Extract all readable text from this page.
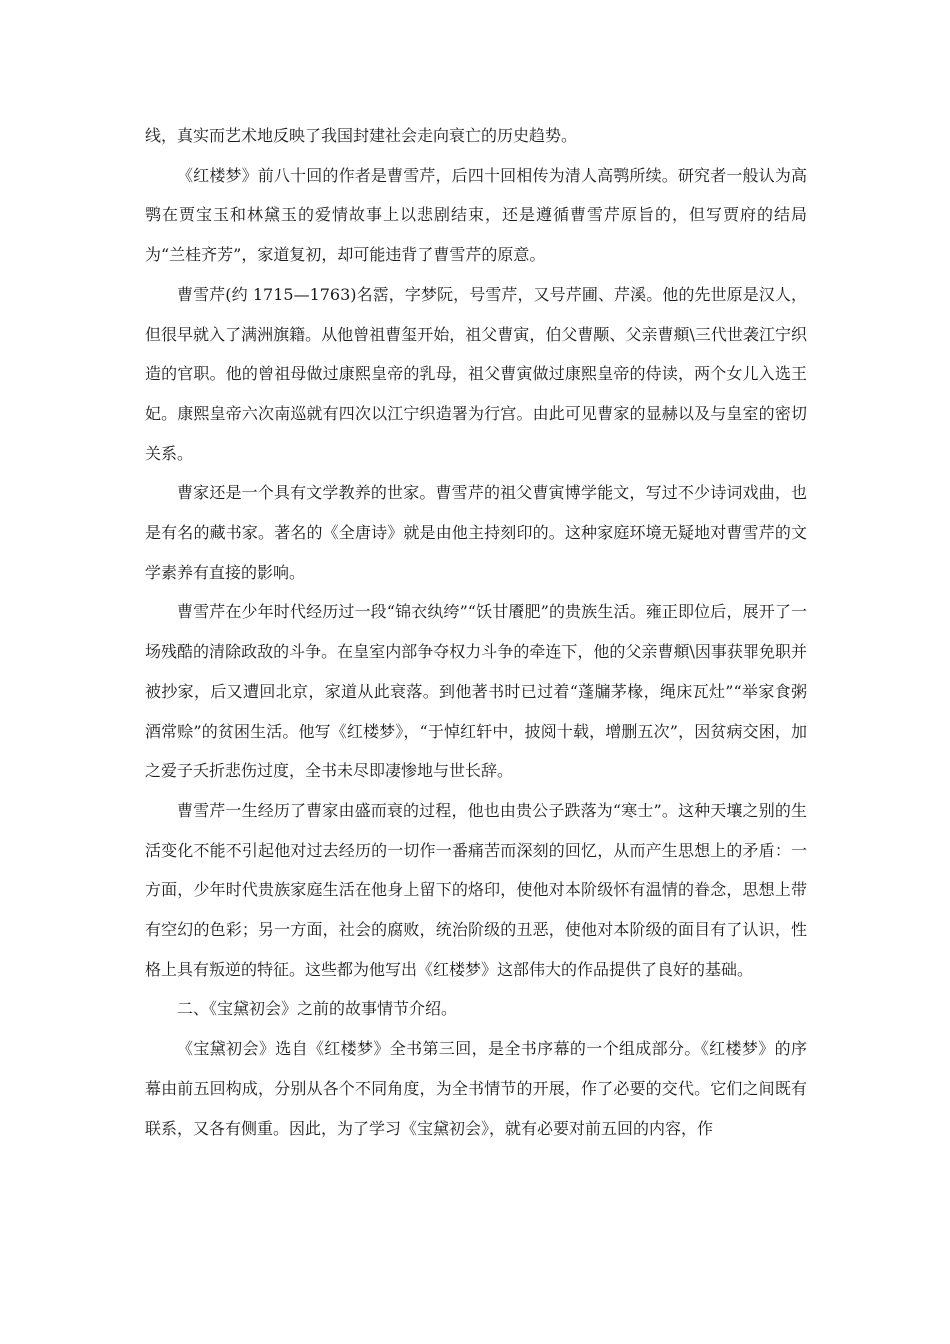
线，真实而艺术地反映了我国封建社会走向衰亡的历史趋势。

《红楼梦》前八十回的作者是曹雪芹，后四十回相传为清人高鹗所续。研究者一般认为高鹗在贾宝玉和林黛玉的爱情故事上以悲剧结束，还是遵循曹雪芹原旨的，但写贾府的结局为“兰桂齐芳”，家道复初，却可能违背了曹雪芹的原意。

曹雪芹(约 1715—1763)名霑，字梦阮，号雪芹，又号芹圃、芹溪。他的先世原是汉人，但很早就入了满洲旗籍。从他曾祖曹玺开始，祖父曹寅，伯父曹颙、父亲曹頫\三代世袭江宁织造的官职。他的曾祖母做过康熙皇帝的乳母，祖父曹寅做过康熙皇帝的侍读，两个女儿入选王妃。康熙皇帝六次南巡就有四次以江宁织造署为行宫。由此可见曹家的显赫以及与皇室的密切关系。

曹家还是一个具有文学教养的世家。曹雪芹的祖父曹寅博学能文，写过不少诗词戏曲，也是有名的藏书家。著名的《全唐诗》就是由他主持刻印的。这种家庭环境无疑地对曹雪芹的文学素养有直接的影响。

曹雪芹在少年时代经历过一段“锦衣纨绔”“饫甘餍肥”的贵族生活。雍正即位后，展开了一场残酷的清除政敌的斗争。在皇室内部争夺权力斗争的牵连下，他的父亲曹頫\因事获罪免职并被抄家，后又遭回北京，家道从此衰落。到他著书时已过着“蓬牖茅椽，绳床瓦灶”“举家食粥酒常赊”的贫困生活。他写《红楼梦》，“于悼红轩中，披阅十载，增删五次”，因贫病交困，加之爱子夭折悲伤过度，全书未尽即凄惨地与世长辞。

曹雪芹一生经历了曹家由盛而衰的过程，他也由贵公子跌落为“寒士”。这种天壤之别的生活变化不能不引起他对过去经历的一切作一番痛苦而深刻的回忆，从而产生思想上的矛盾：一方面，少年时代贵族家庭生活在他身上留下的烙印，使他对本阶级怀有温情的眷念，思想上带有空幻的色彩；另一方面，社会的腐败，统治阶级的丑恶，使他对本阶级的面目有了认识，性格上具有叛逆的特征。这些都为他写出《红楼梦》这部伟大的作品提供了良好的基础。

二、《宝黛初会》之前的故事情节介绍。

《宝黛初会》选自《红楼梦》全书第三回，是全书序幕的一个组成部分。《红楼梦》的序幕由前五回构成，分别从各个不同角度，为全书情节的开展，作了必要的交代。它们之间既有联系，又各有侧重。因此，为了学习《宝黛初会》，就有必要对前五回的内容，作
